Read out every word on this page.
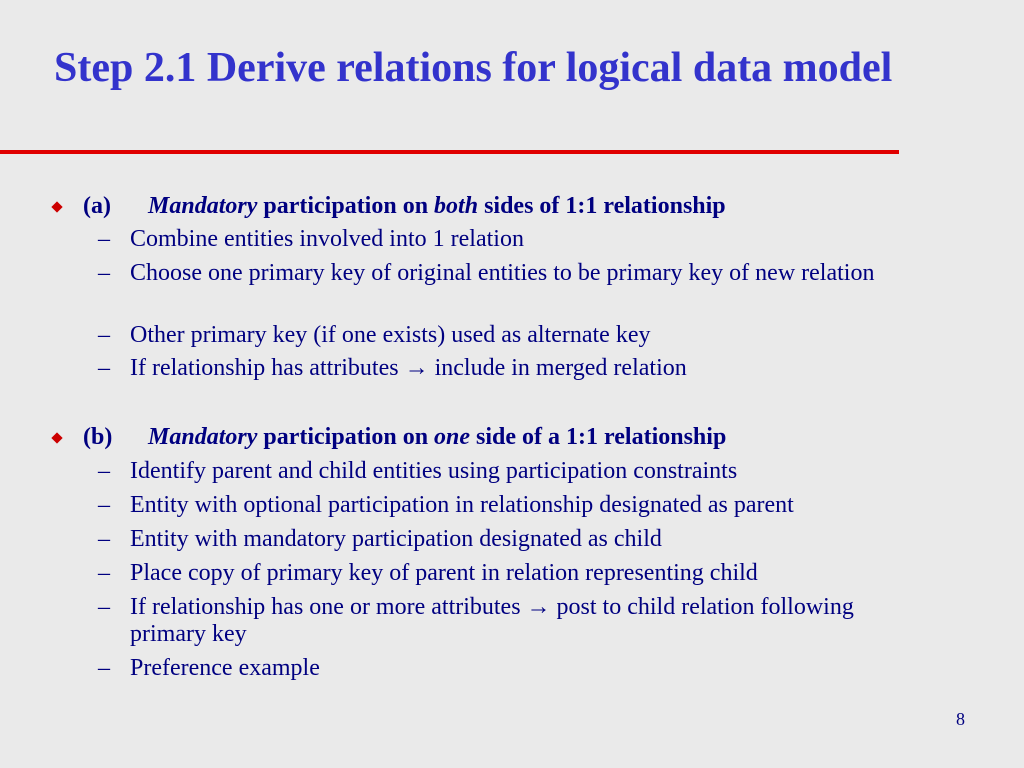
Step 2.1 Derive relations for logical data model
(a) Mandatory participation on both sides of 1:1 relationship
– Combine entities involved into 1 relation
– Choose one primary key of original entities to be primary key of new relation
– Other primary key (if one exists) used as alternate key
– If relationship has attributes → include in merged relation
(b) Mandatory participation on one side of a 1:1 relationship
– Identify parent and child entities using participation constraints
– Entity with optional participation in relationship designated as parent
– Entity with mandatory participation designated as child
– Place copy of primary key of parent in relation representing child
– If relationship has one or more attributes → post to child relation following primary key
– Preference example
8
